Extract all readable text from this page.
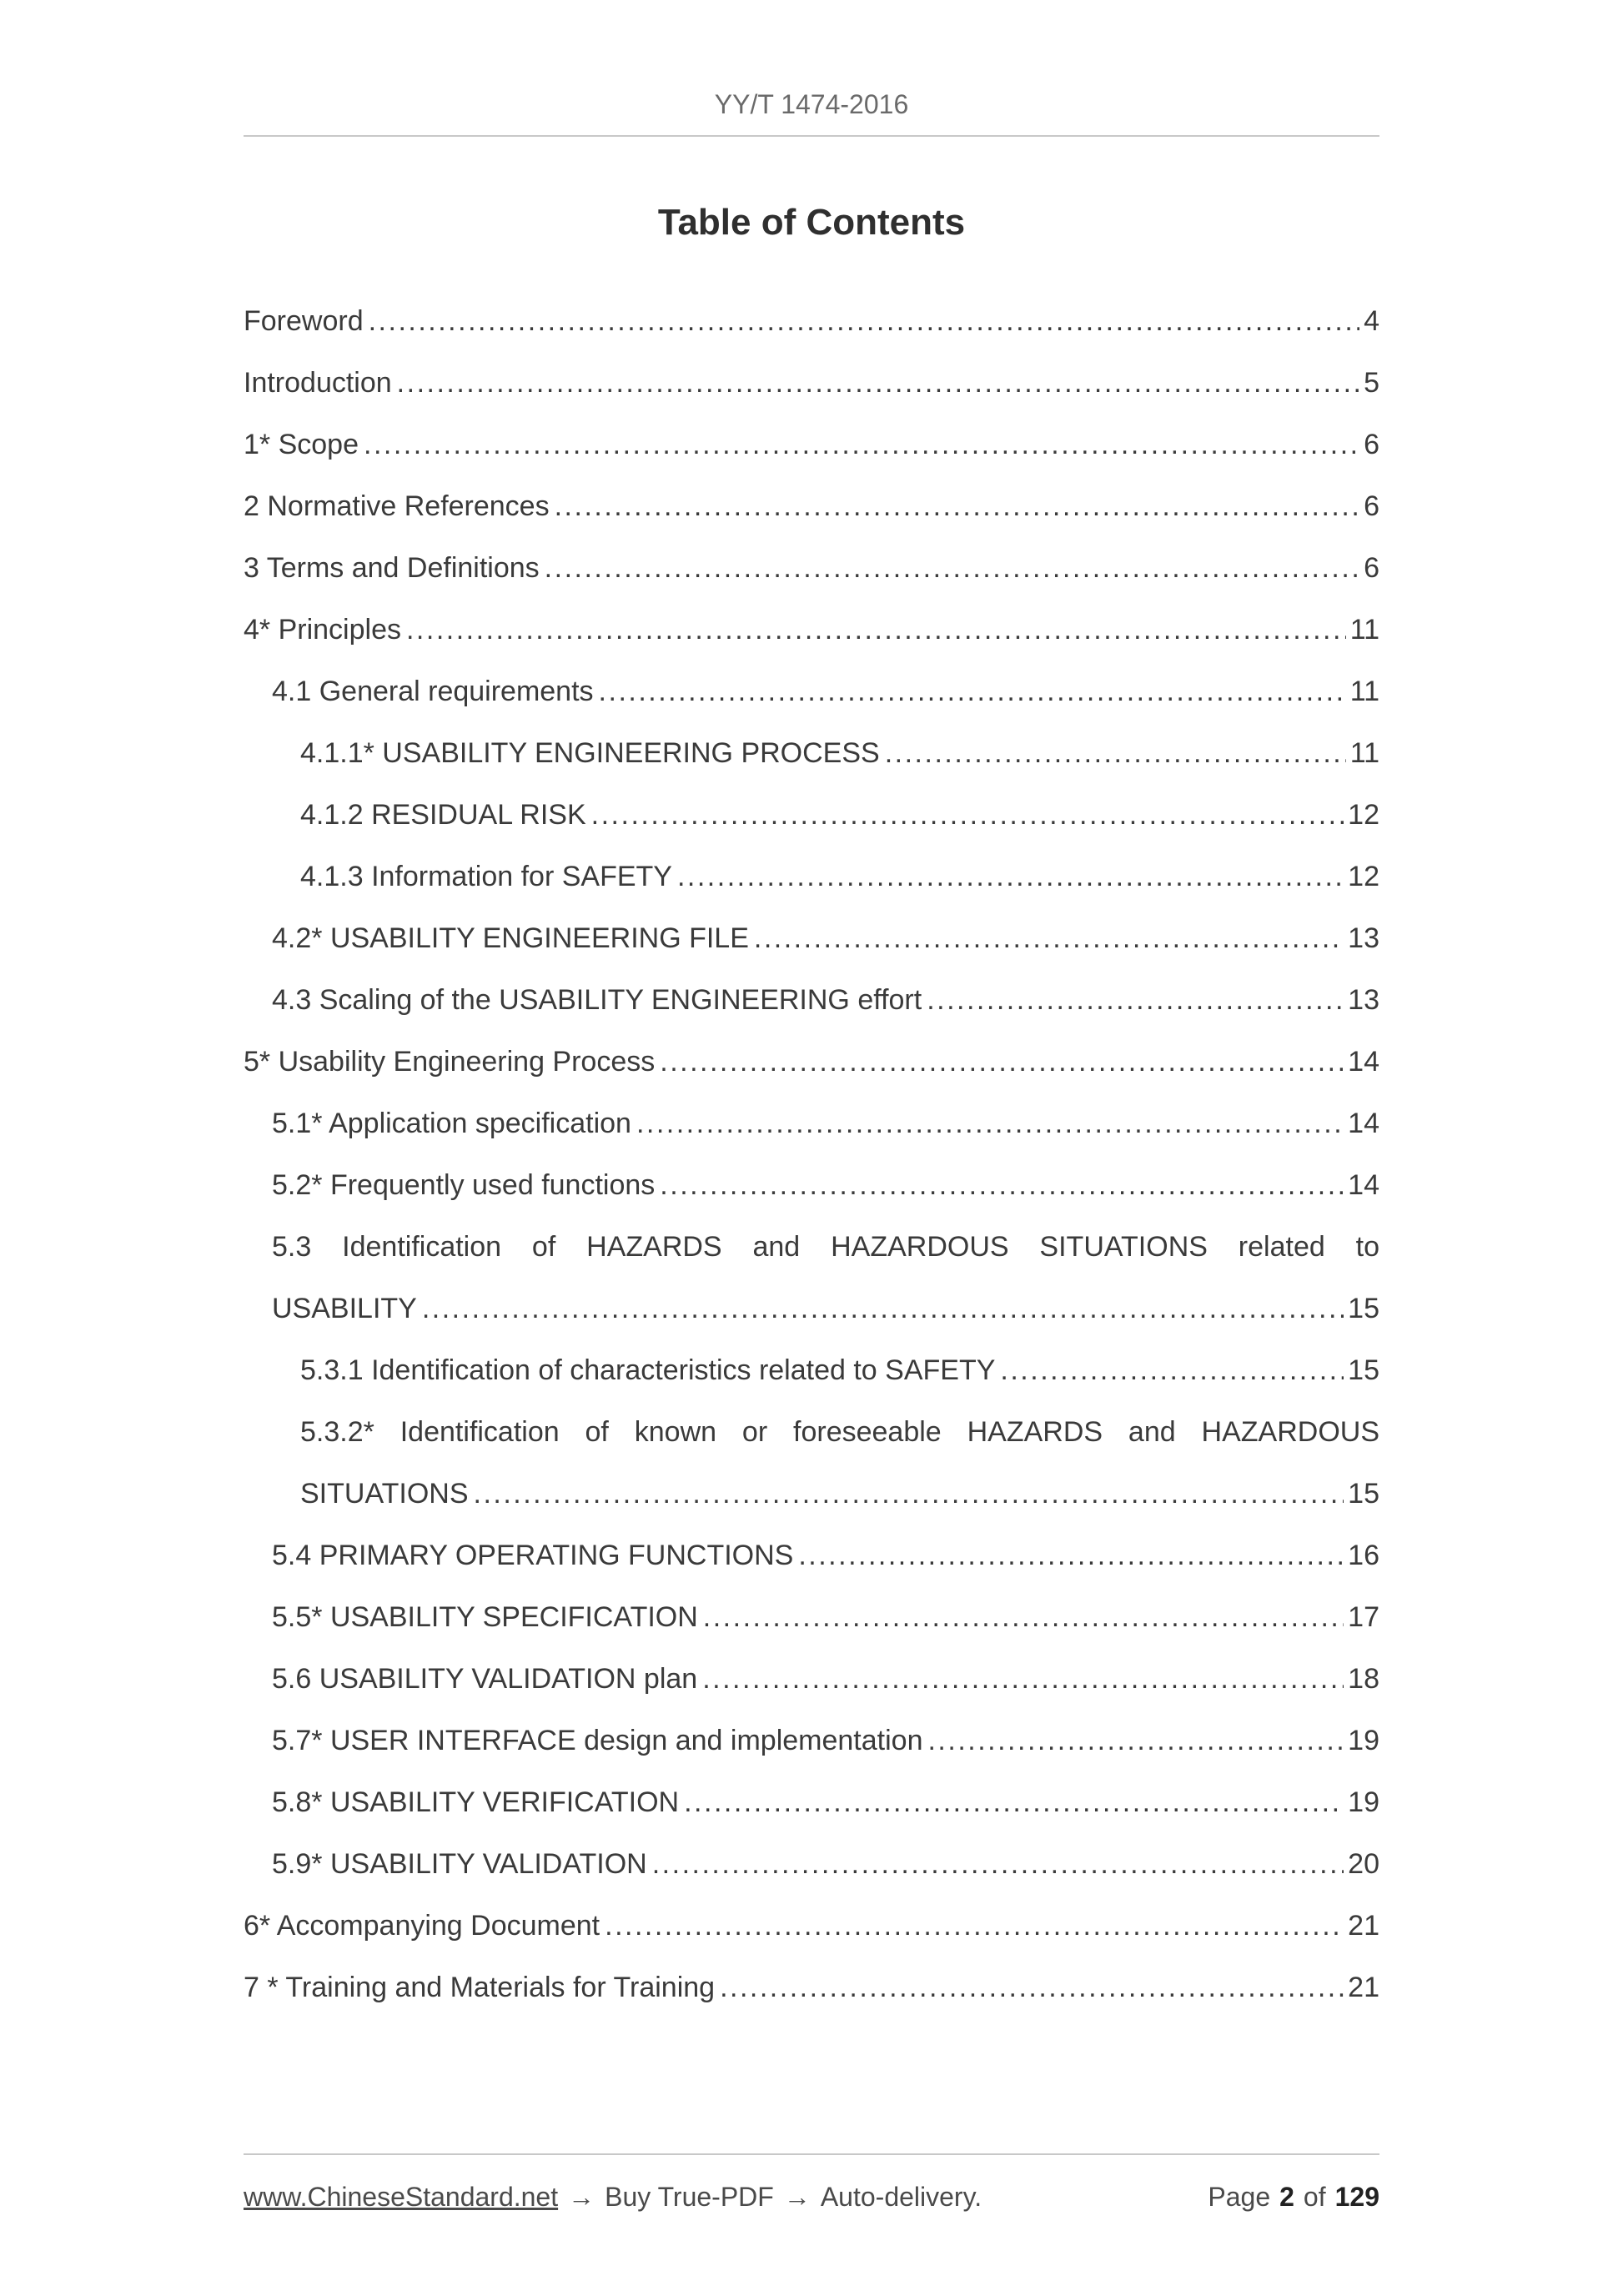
YY/T 1474-2016
Table of Contents
Foreword .....	4
Introduction .....	5
1* Scope .....	6
2 Normative References .....	6
3 Terms and Definitions .....	6
4* Principles .....	11
4.1 General requirements .....	11
4.1.1* USABILITY ENGINEERING PROCESS .....	11
4.1.2 RESIDUAL RISK .....	12
4.1.3 Information for SAFETY .....	12
4.2* USABILITY ENGINEERING FILE .....	13
4.3 Scaling of the USABILITY ENGINEERING effort .....	13
5* Usability Engineering Process .....	14
5.1* Application specification .....	14
5.2* Frequently used functions .....	14
5.3 Identification of HAZARDS and HAZARDOUS SITUATIONS related to
USABILITY .....	15
5.3.1 Identification of characteristics related to SAFETY .....	15
5.3.2* Identification of known or foreseeable HAZARDS and HAZARDOUS
SITUATIONS .....	15
5.4 PRIMARY OPERATING FUNCTIONS .....	16
5.5* USABILITY SPECIFICATION .....	17
5.6 USABILITY VALIDATION plan .....	18
5.7* USER INTERFACE design and implementation .....	19
5.8* USABILITY VERIFICATION .....	19
5.9* USABILITY VALIDATION .....	20
6* Accompanying Document .....	21
7 * Training and Materials for Training .....	21
www.ChineseStandard.net → Buy True-PDF → Auto-delivery.	Page 2 of 129
